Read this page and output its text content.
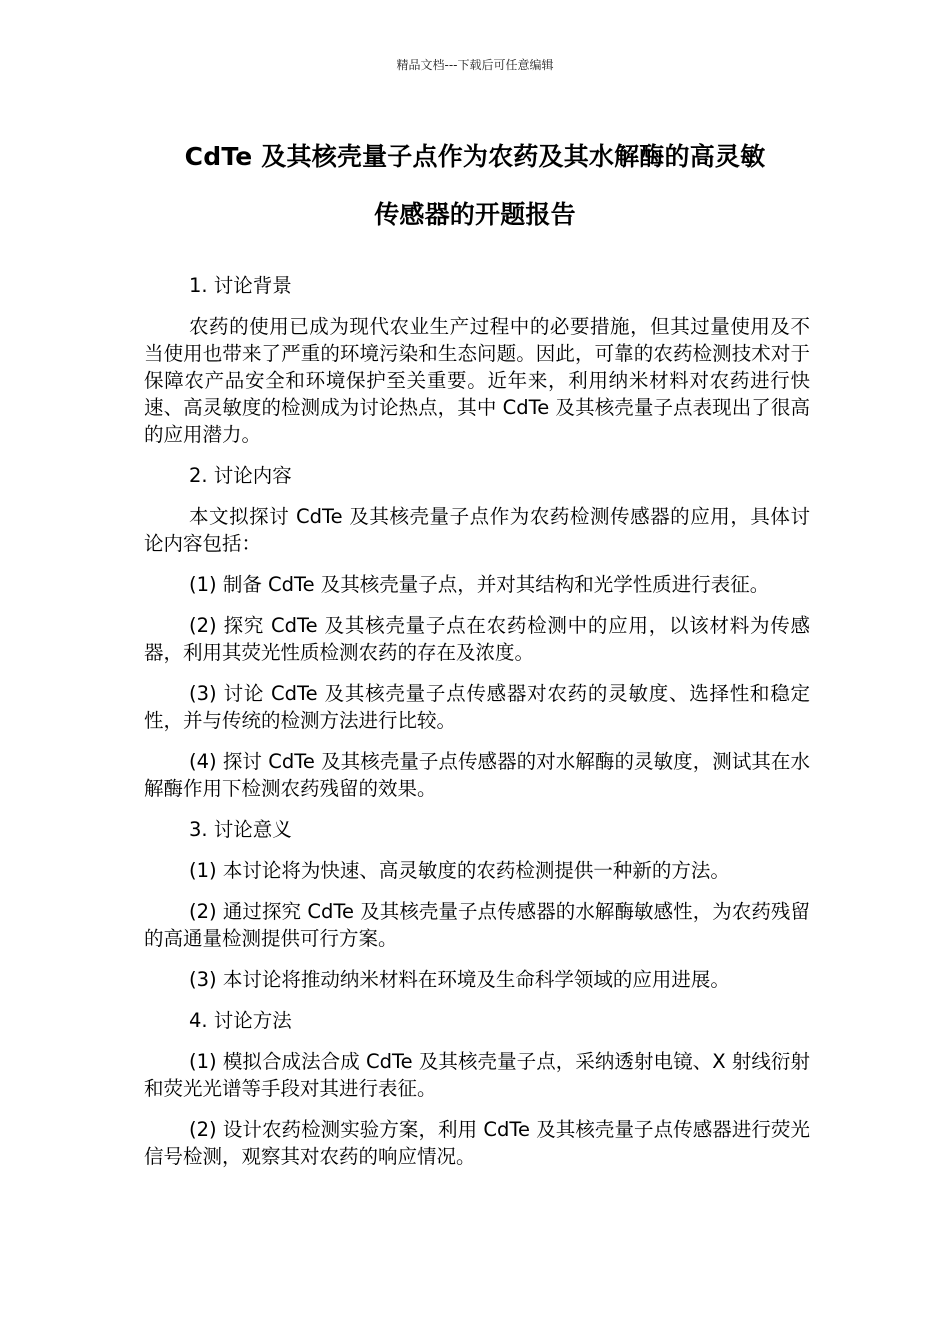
精品文档---下载后可任意编辑
CdTe 及其核壳量子点作为农药及其水解酶的高灵敏
传感器的开题报告

1. 讨论背景

农药的使用已成为现代农业生产过程中的必要措施，但其过量使用及不当使用也带来了严重的环境污染和生态问题。因此，可靠的农药检测技术对于保障农产品安全和环境保护至关重要。近年来，利用纳米材料对农药进行快速、高灵敏度的检测成为讨论热点，其中 CdTe 及其核壳量子点表现出了很高的应用潜力。

2. 讨论内容

本文拟探讨 CdTe 及其核壳量子点作为农药检测传感器的应用，具体讨论内容包括：

(1) 制备 CdTe 及其核壳量子点，并对其结构和光学性质进行表征。

(2) 探究 CdTe 及其核壳量子点在农药检测中的应用，以该材料为传感器，利用其荧光性质检测农药的存在及浓度。

(3) 讨论 CdTe 及其核壳量子点传感器对农药的灵敏度、选择性和稳定性，并与传统的检测方法进行比较。

(4) 探讨 CdTe 及其核壳量子点传感器的对水解酶的灵敏度，测试其在水解酶作用下检测农药残留的效果。

3. 讨论意义

(1) 本讨论将为快速、高灵敏度的农药检测提供一种新的方法。

(2) 通过探究 CdTe 及其核壳量子点传感器的水解酶敏感性，为农药残留的高通量检测提供可行方案。

(3) 本讨论将推动纳米材料在环境及生命科学领域的应用进展。

4. 讨论方法

(1) 模拟合成法合成 CdTe 及其核壳量子点，采纳透射电镜、X 射线衍射和荧光光谱等手段对其进行表征。

(2) 设计农药检测实验方案，利用 CdTe 及其核壳量子点传感器进行荧光信号检测，观察其对农药的响应情况。
